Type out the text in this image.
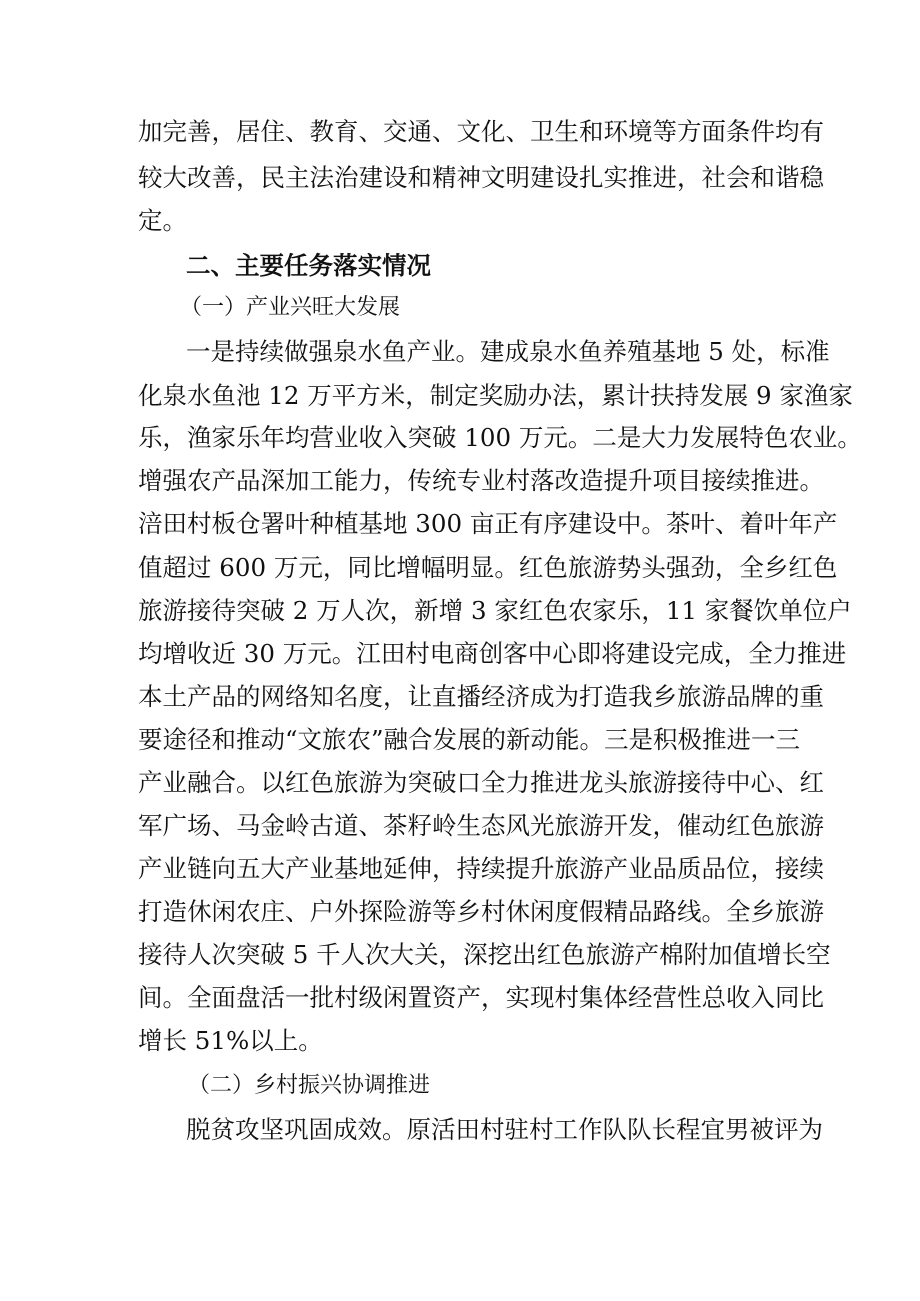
加完善，居住、教育、交通、文化、卫生和环境等方面条件均有
较大改善，民主法治建设和精神文明建设扎实推进，社会和谐稳
定。
二、主要任务落实情况
（一）产业兴旺大发展
一是持续做强泉水鱼产业。建成泉水鱼养殖基地 5 处，标准
化泉水鱼池 12 万平方米，制定奖励办法，累计扶持发展 9 家渔家
乐，渔家乐年均营业收入突破 100 万元。二是大力发展特色农业。
增强农产品深加工能力，传统专业村落改造提升项目接续推进。
涪田村板仓署叶种植基地 300 亩正有序建设中。茶叶、着叶年产
值超过 600 万元，同比增幅明显。红色旅游势头强劲，全乡红色
旅游接待突破 2 万人次，新增 3 家红色农家乐，11 家餐饮单位户
均增收近 30 万元。江田村电商创客中心即将建设完成，全力推进
本土产品的网络知名度，让直播经济成为打造我乡旅游品牌的重
要途径和推动“文旅农”融合发展的新动能。三是积极推进一三
产业融合。以红色旅游为突破口全力推进龙头旅游接待中心、红
军广场、马金岭古道、茶籽岭生态风光旅游开发，催动红色旅游
产业链向五大产业基地延伸，持续提升旅游产业品质品位，接续
打造休闲农庄、户外探险游等乡村休闲度假精品路线。全乡旅游
接待人次突破 5 千人次大关，深挖出红色旅游产棉附加值增长空
间。全面盘活一批村级闲置资产，实现村集体经营性总收入同比
增长 51%以上。
（二）乡村振兴协调推进
脱贫攻坚巩固成效。原活田村驻村工作队队长程宜男被评为
